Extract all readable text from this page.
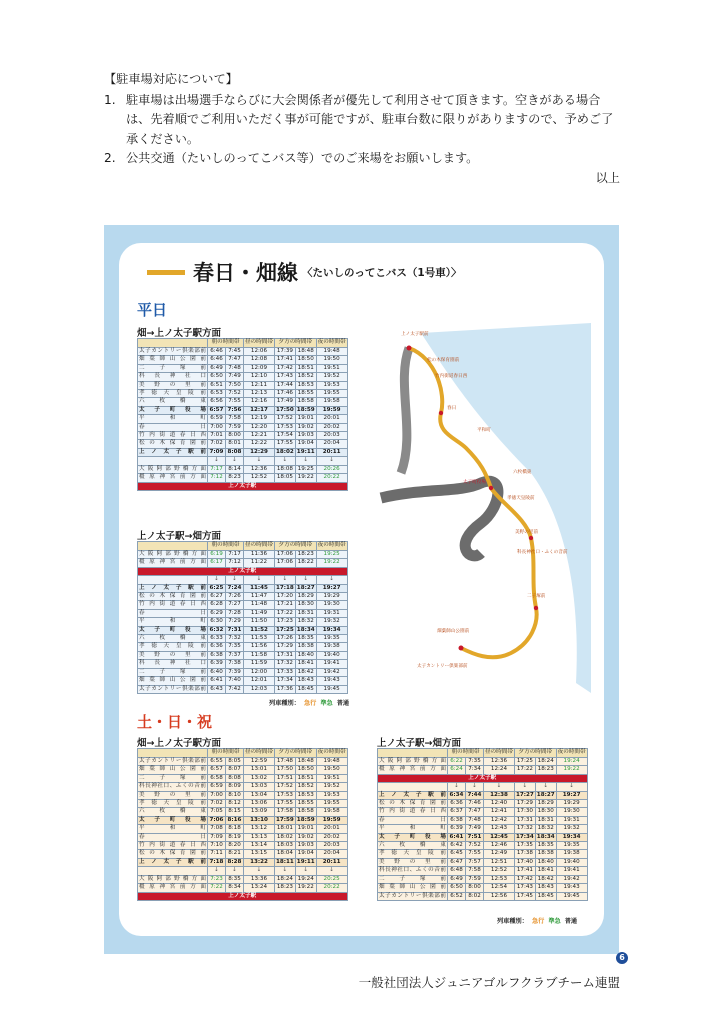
【駐車場対応について】
1. 駐車場は出場選手ならびに大会関係者が優先して利用させて頂きます。空きがある場合は、先着順でご利用いただく事が可能ですが、駐車台数に限りがありますので、予めご了承ください。
2. 公共交通（たいしのってこバス等）でのご来場をお願いします。
以上
春日・畑線 〈たいしのってこバス（1号車）〉
平日
畑→上ノ太子駅方面
	朝の時間帯		昼の時間帯	夕方の時間帯		夜の時間帯
太子カントリー倶楽部前	6:46	7:45	12:06	17:39	18:48	19:48
畑葉師山公園前	6:46	7:47	12:08	17:41	18:50	19:50
二子塚前	6:49	7:48	12:09	17:42	18:51	19:51
科長神社口	6:50	7:49	12:10	17:43	18:52	19:52
美野の里前	6:51	7:50	12:11	17:44	18:53	19:53
孝徳天皇陵前	6:53	7:52	12:13	17:46	18:55	19:55
六枚橋東	6:56	7:55	12:16	17:49	18:58	19:58
太子町役場	6:57	7:56	12:17	17:50	18:59	19:59
平和町	6:59	7:58	12:19	17:52	19:01	20:01
春日	7:00	7:59	12:20	17:53	19:02	20:02
竹内街道春日西	7:01	8:00	12:21	17:54	19:03	20:03
松の木保育園前	7:02	8:01	12:22	17:55	19:04	20:04
上ノ太子駅前	7:09	8:08	12:29	18:02	19:11	20:11
	↓	↓	↓	↓	↓	↓
大阪阿部野橋方面	7:17	8:14	12:36	18:08	19:25	20:26
橿原神宮前方面	7:12	8:23	12:52	18:05	19:22	20:22
上ノ太子駅						
上ノ太子駅→畑方面
	朝の時間帯		昼の時間帯	夕方の時間帯		夜の時間帯
大阪阿部野橋方面	6:19	7:17	11:36	17:06	18:23	19:25
橿原神宮前方面	6:17	7:12	11:22	17:06	18:22	19:22
上ノ太子駅						
	↓	↓	↓	↓	↓	↓
上ノ太子駅前	6:25	7:24	11:45	17:18	18:27	19:27
松の木保育園前	6:27	7:26	11:47	17:20	18:29	19:29
竹内街道春日西	6:28	7:27	11:48	17:21	18:30	19:30
春日	6:29	7:28	11:49	17:22	18:31	19:31
平和町	6:30	7:29	11:50	17:23	18:32	19:32
太子町役場	6:32	7:31	11:52	17:25	18:34	19:34
六枚橋東	6:33	7:32	11:53	17:26	18:35	19:35
孝徳天皇陵前	6:36	7:35	11:56	17:29	18:38	19:38
美野の里前	6:38	7:37	11:58	17:31	18:40	19:40
科長神社口	6:39	7:38	11:59	17:32	18:41	19:41
二子塚前	6:40	7:39	12:00	17:33	18:42	19:42
畑葉師山公園前	6:41	7:40	12:01	17:34	18:43	19:43
太子カントリー倶楽部前	6:43	7:42	12:03	17:36	18:45	19:45
列車種別： 急行 準急 普通
土・日・祝
畑→上ノ太子駅方面
	朝の時間帯		昼の時間帯	夕方の時間帯		夜の時間帯
太子カントリー倶楽部前	6:55	8:05	12:59	17:48	18:48	19:48
畑葉師山公園前	6:57	8:07	13:01	17:50	18:50	19:50
二子塚前	6:58	8:08	13:02	17:51	18:51	19:51
科長神社口、ふくの音前	6:59	8:09	13:03	17:52	18:52	19:52
美野の里前	7:00	8:10	13:04	17:53	18:53	19:53
孝徳天皇陵前	7:02	8:12	13:06	17:55	18:55	19:55
六枚橋東	7:05	8:15	13:09	17:58	18:58	19:58
太子町役場	7:06	8:16	13:10	17:59	18:59	19:59
平和町	7:08	8:18	13:12	18:01	19:01	20:01
春日	7:09	8:19	13:13	18:02	19:02	20:02
竹内街道春日西	7:10	8:20	13:14	18:03	19:03	20:03
松の木保育園前	7:11	8:21	13:15	18:04	19:04	20:04
上ノ太子駅前	7:18	8:28	13:22	18:11	19:11	20:11
	↓	↓	↓	↓	↓	↓
大阪阿部野橋方面	7:23	8:35	13:36	18:24	19:24	20:25
橿原神宮前方面	7:22	8:34	13:24	18:23	19:22	20:22
上ノ太子駅						
上ノ太子駅→畑方面
	朝の時間帯		昼の時間帯	夕方の時間帯		夜の時間帯
大阪阿部野橋方面	6:22	7:35	12:36	17:25	18:24	19:24
橿原神宮前方面	6:24	7:34	12:24	17:22	18:23	19:22
上ノ太子駅						
	↓	↓	↓	↓	↓	↓
上ノ太子駅前	6:34	7:44	12:38	17:27	18:27	19:27
松の木保育園前	6:36	7:46	12:40	17:29	18:29	19:29
竹内街道春日西	6:37	7:47	12:41	17:30	18:30	19:30
春日	6:38	7:48	12:42	17:31	18:31	19:31
平和町	6:39	7:49	12:43	17:32	18:32	19:32
太子町役場	6:41	7:51	12:45	17:34	18:34	19:34
六枚橋東	6:42	7:52	12:46	17:35	18:35	19:35
孝徳天皇陵前	6:45	7:55	12:49	17:38	18:38	19:38
美野の里前	6:47	7:57	12:51	17:40	18:40	19:40
科長神社口、ふくの音前	6:48	7:58	12:52	17:41	18:41	19:41
二子塚前	6:49	7:59	12:53	17:42	18:42	19:42
畑葉師山公園前	6:50	8:00	12:54	17:43	18:43	19:43
太子カントリー倶楽部前	6:52	8:02	12:56	17:45	18:45	19:45
列車種別： 急行 準急 普通
上ノ太子駅前
松の木保育園前
竹内街道春日西
春日
平和町
六枚橋東
孝徳天皇陵前
美野の里前
科長神社口・ふくの音前
二子塚前
畑葉師山公園前
太子カントリー倶楽部前
太子町役場
6
一般社団法人ジュニアゴルフクラブチーム連盟
